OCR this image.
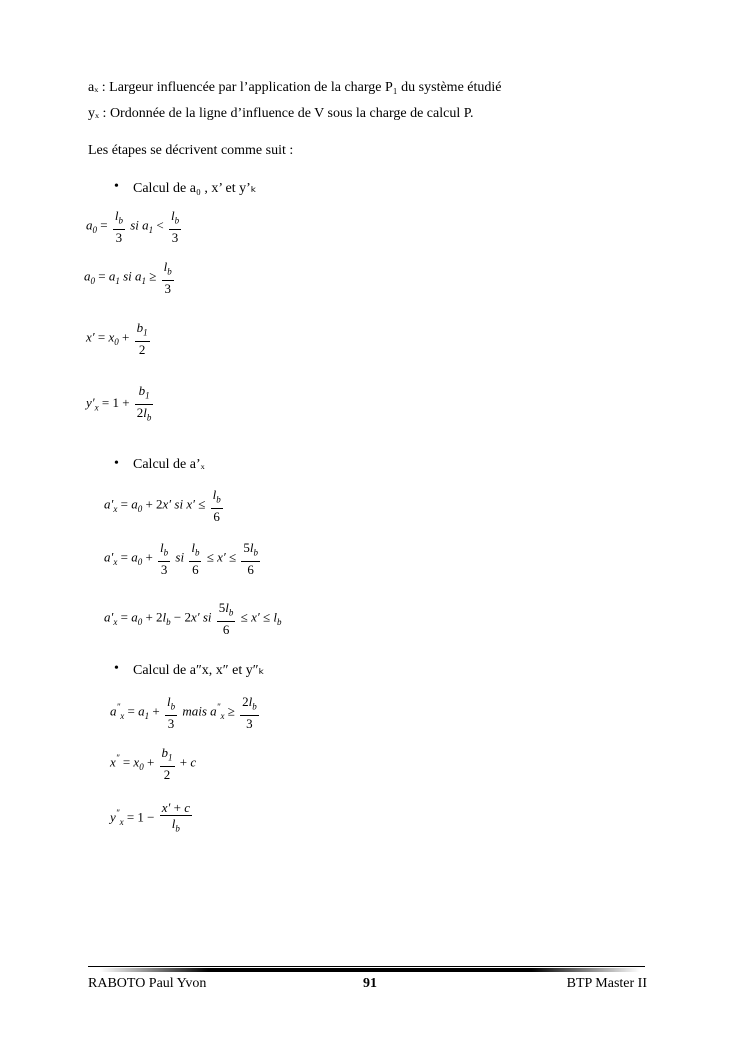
aₓ : Largeur influencée par l’application de la charge P₁ du système étudié
yₓ : Ordonnée de la ligne d’influence de V sous la charge de calcul P.
Les étapes se décrivent comme suit :
• Calcul de a₀ , x’ et y’ₖ
$a_0 = \frac{l_b}{3}$ si $a_1 < \frac{l_b}{3}$
$a_0 = a_1$ si $a_1 \ge \frac{l_b}{3}$
$x' = x_0 + \frac{b_1}{2}$
$y'_x = 1 + \frac{b_1}{2l_b}$
• Calcul de a’ₓ
$a'_x = a_0 + 2x'$ si $x' \le \frac{l_b}{6}$
$a'_x = a_0 + \frac{l_b}{3}$ si $\frac{l_b}{6} \le x' \le \frac{5l_b}{6}$
$a'_x = a_0 + 2l_b - 2x'$ si $\frac{5l_b}{6} \le x' \le l_b$
• Calcul de a″x, x″ et y″ₖ
$a^"_x = a_1 + \frac{l_b}{3}$ mais $a^"_x \ge \frac{2l_b}{3}$
$x^" = x_0 + \frac{b_1}{2} + c$
$y^"_x = 1 - \frac{x' + c}{l_b}$
RABOTO Paul Yvon	91	BTP Master II
